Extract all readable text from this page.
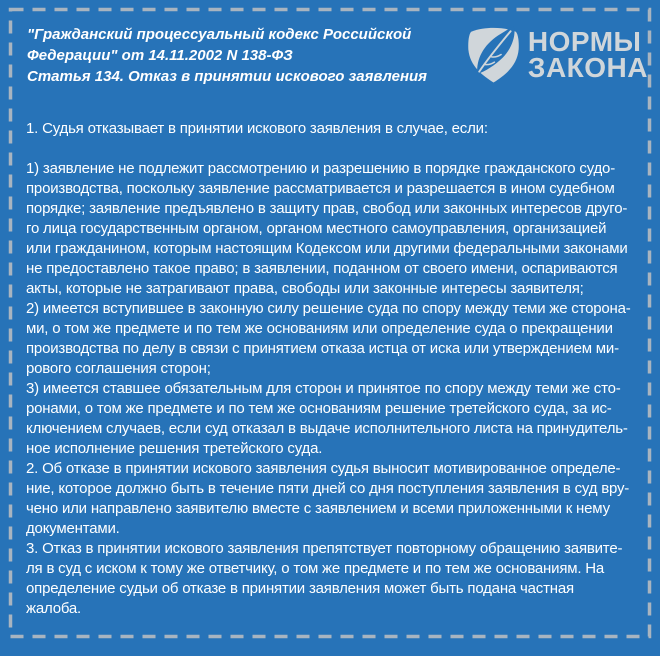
"Гражданский процессуальный кодекс Российской
Федерации" от 14.11.2002 N 138-ФЗ
Статья 134. Отказ в принятии искового заявления
НОРМЫ
ЗАКОНА
1. Судья отказывает в принятии искового заявления в случае, если:

1) заявление не подлежит рассмотрению и разрешению в порядке гражданского судо-
производства, поскольку заявление рассматривается и разрешается в ином судебном
порядке; заявление предъявлено в защиту прав, свобод или законных интересов друго-
го лица государственным органом, органом местного самоуправления, организацией
или гражданином, которым настоящим Кодексом или другими федеральными законами
не предоставлено такое право; в заявлении, поданном от своего имени, оспариваются
акты, которые не затрагивают права, свободы или законные интересы заявителя;
2) имеется вступившее в законную силу решение суда по спору между теми же сторона-
ми, о том же предмете и по тем же основаниям или определение суда о прекращении
производства по делу в связи с принятием отказа истца от иска или утверждением ми-
рового соглашения сторон;
3) имеется ставшее обязательным для сторон и принятое по спору между теми же сто-
ронами, о том же предмете и по тем же основаниям решение третейского суда, за ис-
ключением случаев, если суд отказал в выдаче исполнительного листа на принудитель-
ное исполнение решения третейского суда.
2. Об отказе в принятии искового заявления судья выносит мотивированное определе-
ние, которое должно быть в течение пяти дней со дня поступления заявления в суд вру-
чено или направлено заявителю вместе с заявлением и всеми приложенными к нему
документами.
3. Отказ в принятии искового заявления препятствует повторному обращению заявите-
ля в суд с иском к тому же ответчику, о том же предмете и по тем же основаниям. На
определение судьи об отказе в принятии заявления может быть подана частная
жалоба.
